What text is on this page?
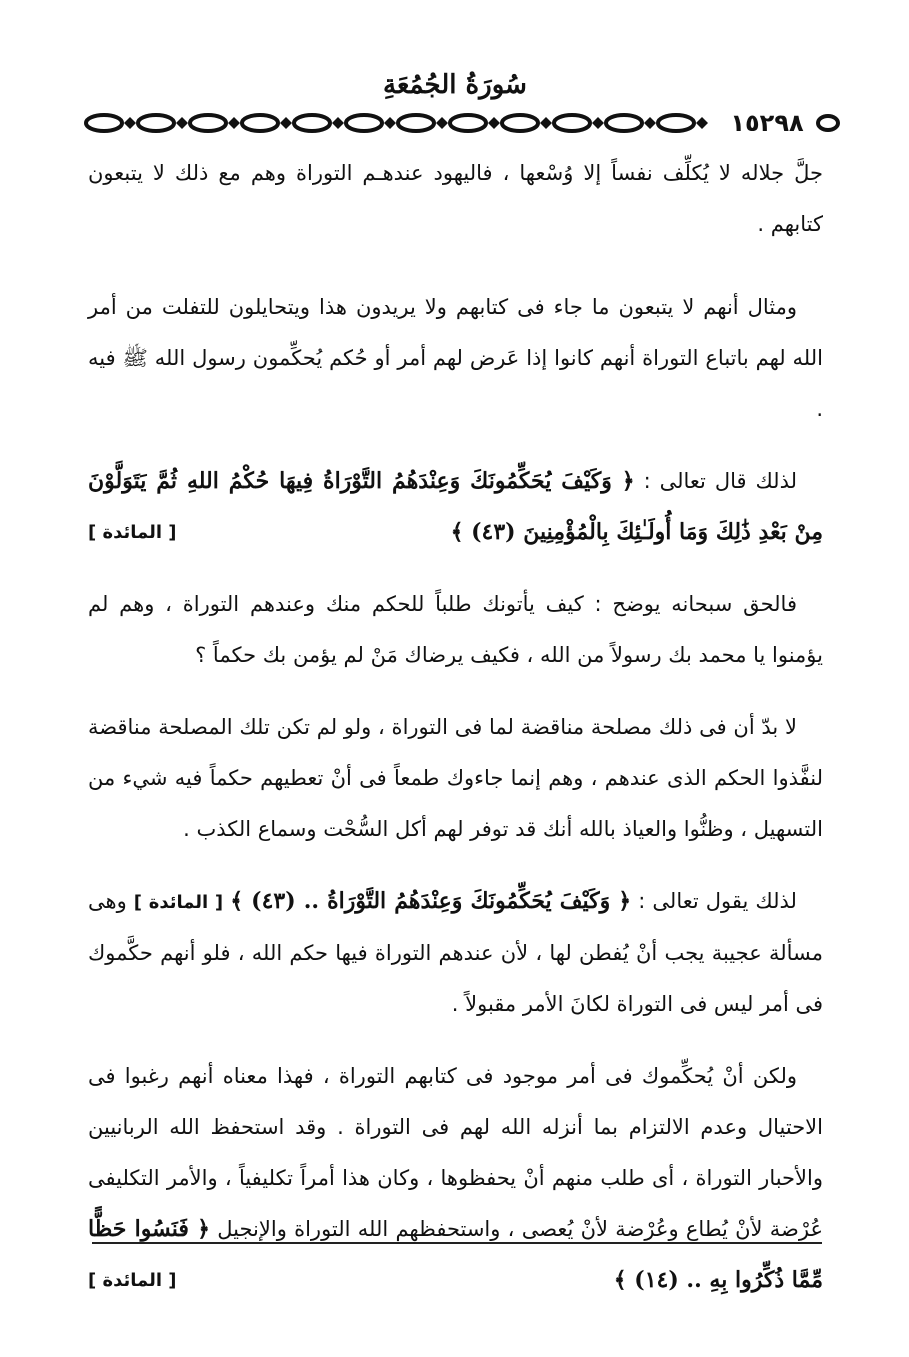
سُورَةُ الجُمُعَةِ
١٥٢٩٨

جلَّ جلاله لا يُكلِّف نفساً إلا وُسْعها ، فاليهود عندهـم التوراة وهم مع ذلك لا يتبعون كتابهم .

ومثال أنهم لا يتبعون ما جاء فى كتابهم ولا يريدون هذا ويتحايلون للتفلت من أمر الله لهم باتباع التوراة أنهم كانوا إذا عَرض لهم أمر أو حُكم يُحكِّمون رسول الله ﷺ فيه .

لذلك قال تعالى : ﴿ وَكَيْفَ يُحَكِّمُونَكَ وَعِنْدَهُمُ التَّوْرَاةُ فِيهَا حُكْمُ اللهِ ثُمَّ يَتَوَلَّوْنَ مِنْ بَعْدِ ذَٰلِكَ وَمَا أُولَـٰئِكَ بِالْمُؤْمِنِينَ (٤٣) ﴾
[ المائدة ]

فالحق سبحانه يوضح : كيف يأتونك طلباً للحكم منك وعندهم التوراة ، وهم لم يؤمنوا يا محمد بك رسولاً من الله ، فكيف يرضاك مَنْ لم يؤمن بك حكماً ؟

لا بدّ أن فى ذلك مصلحة مناقضة لما فى التوراة ، ولو لم تكن تلك المصلحة مناقضة لنفَّذوا الحكم الذى عندهم ، وهم إنما جاءوك طمعاً فى أنْ تعطيهم حكماً فيه شيء من التسهيل ، وظنُّوا والعياذ بالله أنك قد توفر لهم أكل السُّحْت وسماع الكذب .

لذلك يقول تعالى : ﴿ وَكَيْفَ يُحَكِّمُونَكَ وَعِنْدَهُمُ التَّوْرَاةُ .. (٤٣) ﴾ [ المائدة ] وهى مسألة عجيبة يجب أنْ يُفطن لها ، لأن عندهم التوراة فيها حكم الله ، فلو أنهم حكَّموك فى أمر ليس فى التوراة لكانَ الأمر مقبولاً .

ولكن أنْ يُحكِّموك فى أمر موجود فى كتابهم التوراة ، فهذا معناه أنهم رغبوا فى الاحتيال وعدم الالتزام بما أنزله الله لهم فى التوراة . وقد استحفظ الله الربانيين والأحبار التوراة ، أى طلب منهم أنْ يحفظوها ، وكان هذا أمراً تكليفياً ، والأمر التكليفى عُرْضة لأنْ يُطاع وعُرْضة لأنْ يُعصى ، واستحفظهم الله التوراة والإنجيل ﴿ فَنَسُوا حَظًّا مِّمَّا ذُكِّرُوا بِهِ .. (١٤) ﴾
[ المائدة ]
